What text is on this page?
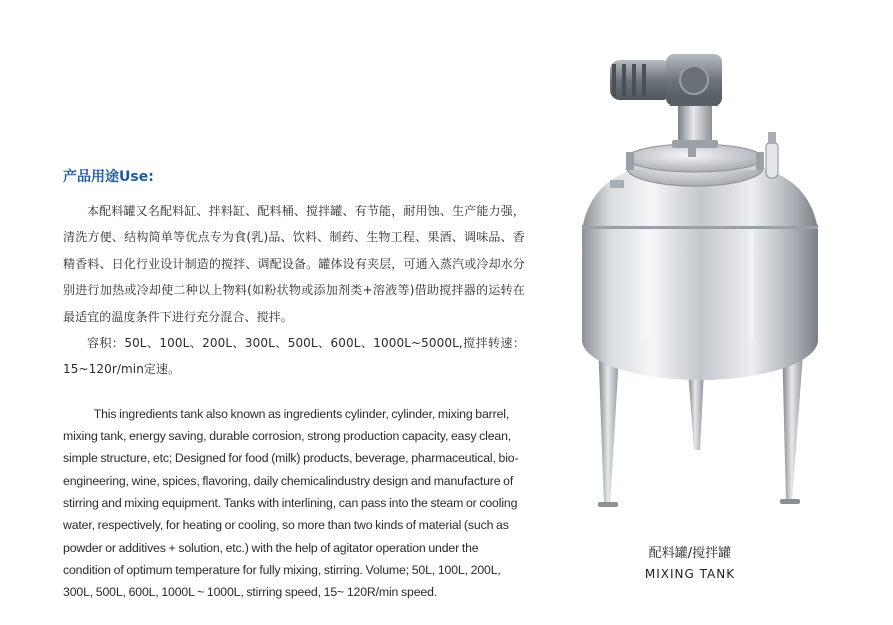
产品用途Use:

本配料罐又名配料缸、拌料缸、配料桶、搅拌罐、有节能，耐用蚀、生产能力强，清洗方便、结构简单等优点专为食(乳)品、饮料、制药、生物工程、果酒、调味品、香精香料、日化行业设计制造的搅拌、调配设备。罐体设有夹层，可通入蒸汽或冷却水分别进行加热或冷却使二种以上物料(如粉状物或添加剂类+溶液等)借助搅拌器的运转在最适宜的温度条件下进行充分混合、搅拌。

容积：50L、100L、200L、300L、500L、600L、1000L~5000L,搅拌转速：15~120r/min定速。

This ingredients tank also known as ingredients cylinder, cylinder, mixing barrel, mixing tank, energy saving, durable corrosion, strong production capacity, easy clean, simple structure, etc; Designed for food (milk) products, beverage, pharmaceutical, bio-engineering, wine, spices, flavoring, daily chemicalindustry design and manufacture of stirring and mixing equipment. Tanks with interlining, can pass into the steam or cooling water, respectively, for heating or cooling, so more than two kinds of material (such as powder or additives + solution, etc.) with the help of agitator operation under the condition of optimum temperature for fully mixing, stirring. Volume; 50L, 100L, 200L, 300L, 500L, 600L, 1000L ~ 1000L, stirring speed, 15~ 120R/min speed.

配料罐/搅拌罐
MIXING TANK
